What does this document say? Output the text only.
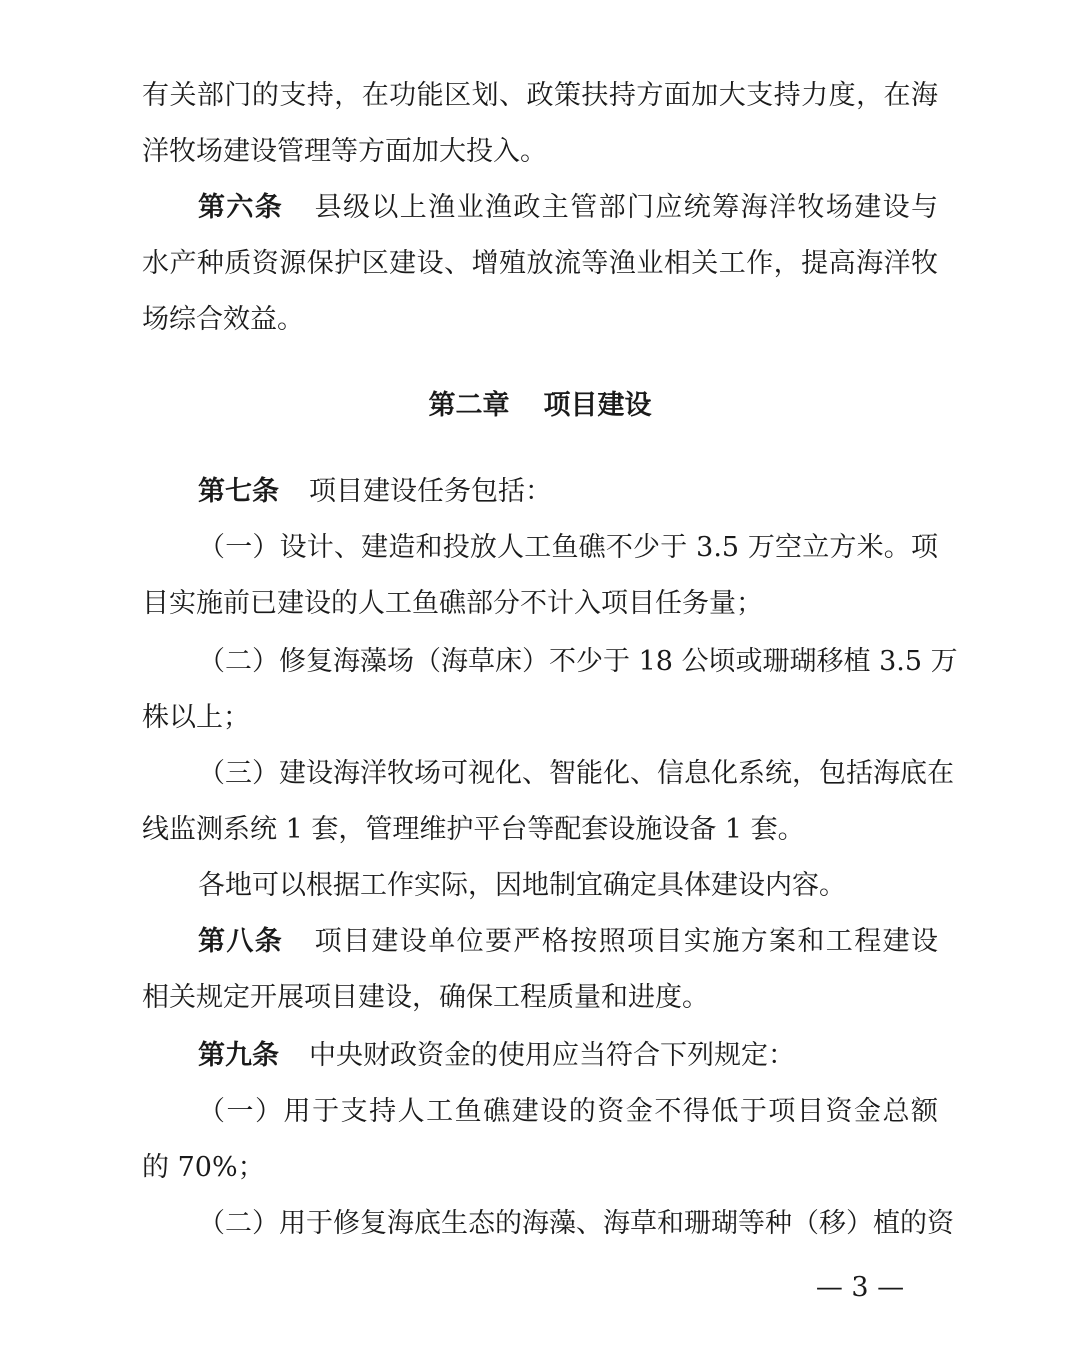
有关部门的支持，在功能区划、政策扶持方面加大支持力度，在海
洋牧场建设管理等方面加大投入。
第六条 县级以上渔业渔政主管部门应统筹海洋牧场建设与
水产种质资源保护区建设、增殖放流等渔业相关工作，提高海洋牧
场综合效益。
第二章 项目建设
第七条 项目建设任务包括：
（一）设计、建造和投放人工鱼礁不少于 3.5 万空立方米。项
目实施前已建设的人工鱼礁部分不计入项目任务量；
（二）修复海藻场（海草床）不少于 18 公顷或珊瑚移植 3.5 万
株以上；
（三）建设海洋牧场可视化、智能化、信息化系统，包括海底在
线监测系统 1 套，管理维护平台等配套设施设备 1 套。
各地可以根据工作实际，因地制宜确定具体建设内容。
第八条 项目建设单位要严格按照项目实施方案和工程建设
相关规定开展项目建设，确保工程质量和进度。
第九条 中央财政资金的使用应当符合下列规定：
（一）用于支持人工鱼礁建设的资金不得低于项目资金总额
的 70%；
（二）用于修复海底生态的海藻、海草和珊瑚等种（移）植的资
— 3 —
